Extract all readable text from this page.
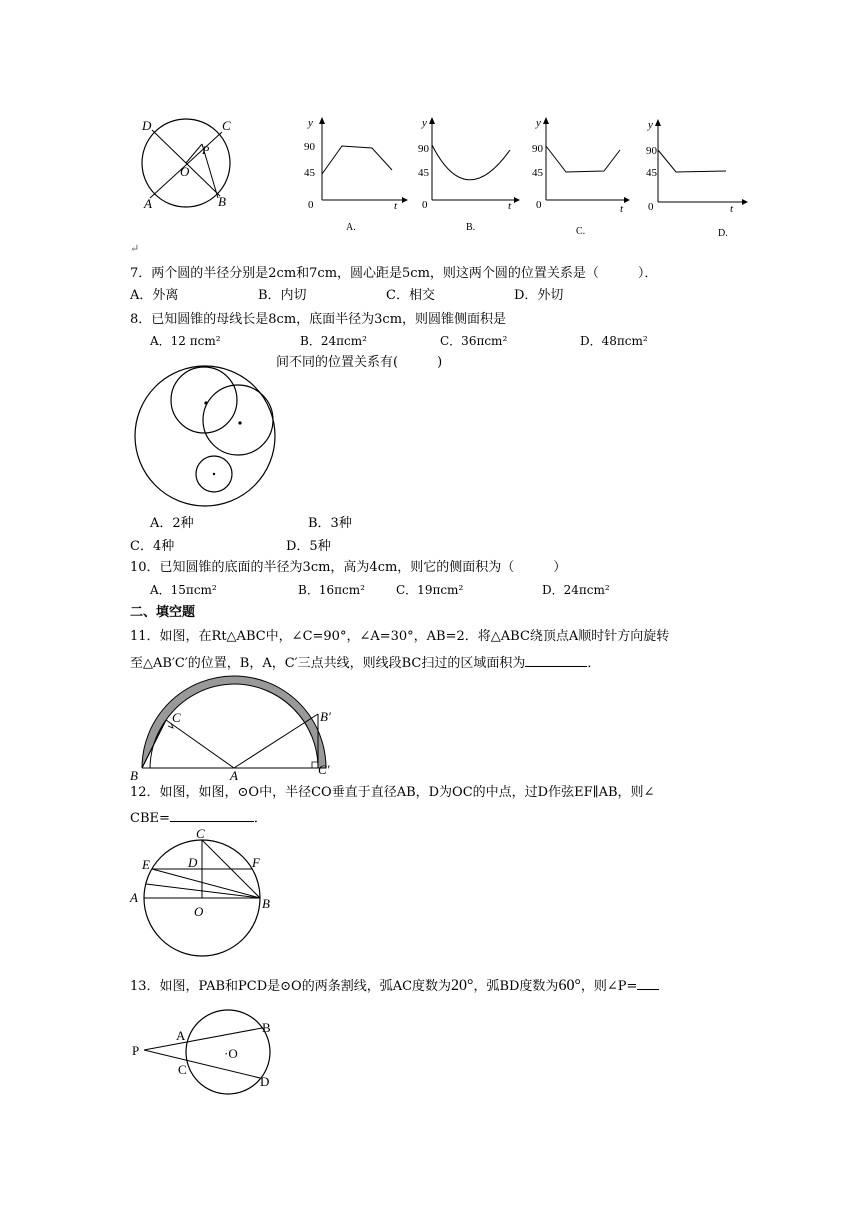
D	C
P
O
A	B
y
90
45
0	t
A.
y
90
45
0	t
B.
y
90
45
0	t
C.
y
90
45
0	t
D.
↵
7．两个圆的半径分别是2cm和7cm，圆心距是5cm，则这两个圆的位置关系是（　　　）．
A．外离	B．内切	C．相交	D．外切
8．已知圆锥的母线长是8cm，底面半径为3cm，则圆锥侧面积是
A．12 πcm²	B．24πcm²	C．36πcm²	D．48πcm²
间不同的位置关系有(　　　)
A．2种	B．3种
C．4种	D．5种
10．已知圆锥的底面的半径为3cm，高为4cm，则它的侧面积为（　　　）
A．15πcm²	B．16πcm²	C．19πcm²	D．24πcm²
二、填空题
11．如图，在Rt△ABC中，∠C=90°，∠A=30°，AB=2．将△ABC绕顶点A顺时针方向旋转
至△AB′C′的位置，B，A，C′三点共线，则线段BC扫过的区域面积为	．
C	B′
B	A	C′
12．如图，如图，⊙O中，半径CO垂直于直径AB，D为OC的中点，过D作弦EF∥AB，则∠
CBE=	．
C
E	D	F
A
O
B
13．如图，PAB和PCD是⊙O的两条割线，弧AC度数为20°，弧BD度数为60°，则∠P=
P
A
B
·O
C
D
